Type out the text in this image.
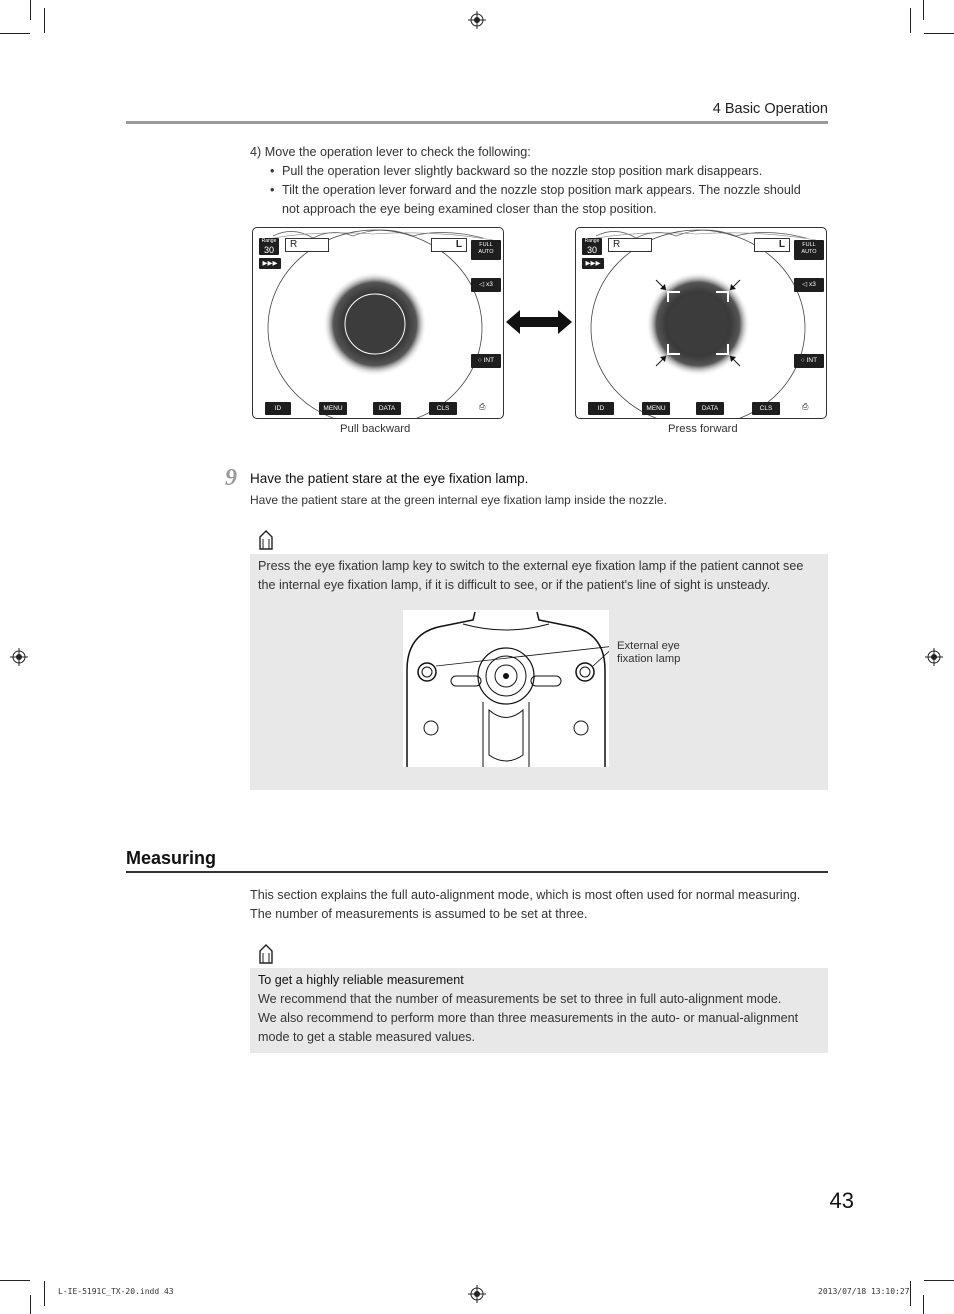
4 Basic Operation
4) Move the operation lever to check the following:
• Pull the operation lever slightly backward so the nozzle stop position mark disappears.
• Tilt the operation lever forward and the nozzle stop position mark appears. The nozzle should
not approach the eye being examined closer than the stop position.
Range
30
▶▶▶
R	L	FULL
AUTO
◁ x3
○ INT
ID	MENU	DATA	CLS	⎙
Range
30
▶▶▶
R	L	FULL
AUTO
◁ x3
○ INT
ID	MENU	DATA	CLS	⎙
Pull backward	Press forward
9 Have the patient stare at the eye fixation lamp.
Have the patient stare at the green internal eye fixation lamp inside the nozzle.
Press the eye fixation lamp key to switch to the external eye fixation lamp if the patient cannot see
the internal eye fixation lamp, if it is difficult to see, or if the patient's line of sight is unsteady.
External eye
fixation lamp
Measuring
This section explains the full auto-alignment mode, which is most often used for normal measuring.
The number of measurements is assumed to be set at three.
To get a highly reliable measurement
We recommend that the number of measurements be set to three in full auto-alignment mode.
We also recommend to perform more than three measurements in the auto- or manual-alignment
mode to get a stable measured values.
43
L-IE-5191C_TX-20.indd 43	2013/07/18 13:10:27
